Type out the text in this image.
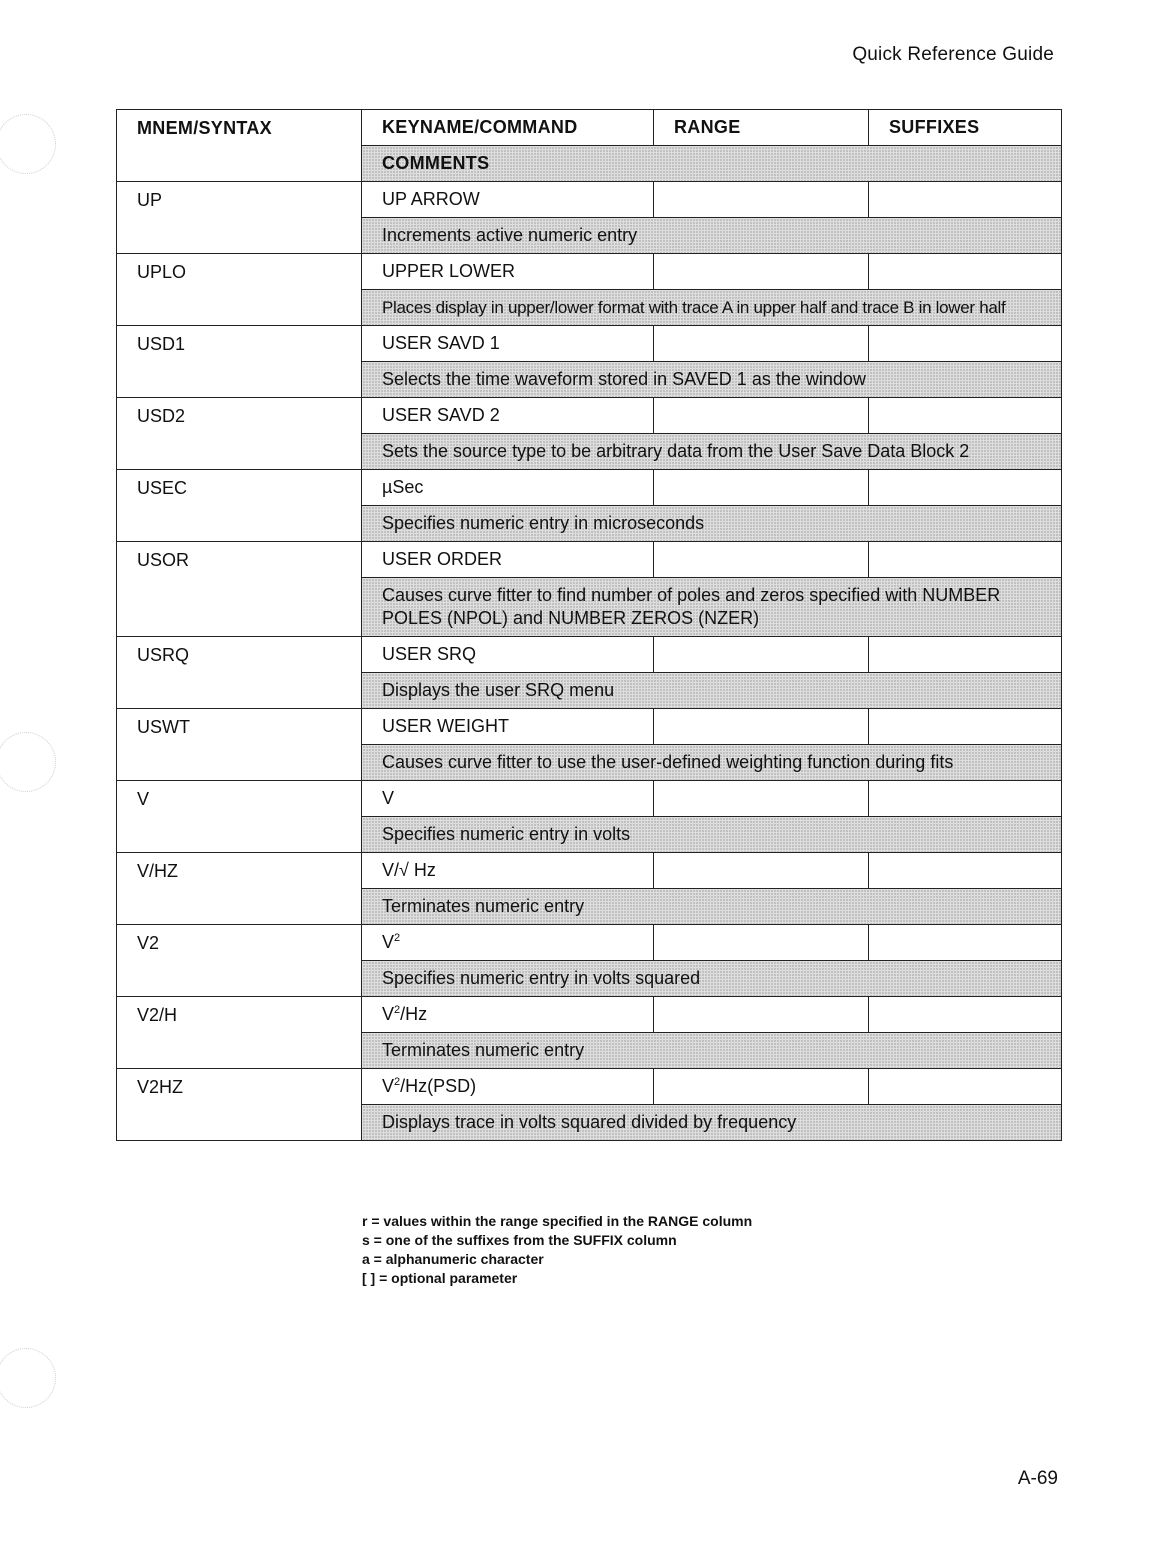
Quick Reference Guide
MNEM/SYNTAX	KEYNAME/COMMAND	RANGE	SUFFIXES
	COMMENTS		
UP	UP ARROW		
	Increments active numeric entry		
UPLO	UPPER LOWER		
	Places display in upper/lower format with trace A in upper half and trace B in lower half		
USD1	USER SAVD 1		
	Selects the time waveform stored in SAVED 1 as the window		
USD2	USER SAVD 2		
	Sets the source type to be arbitrary data from the User Save Data Block 2		
USEC	µSec		
	Specifies numeric entry in microseconds		
USOR	USER ORDER		
	Causes curve fitter to find number of poles and zeros specified with NUMBER POLES (NPOL) and NUMBER ZEROS (NZER)		
USRQ	USER SRQ		
	Displays the user SRQ menu		
USWT	USER WEIGHT		
	Causes curve fitter to use the user-defined weighting function during fits		
V	V		
	Specifies numeric entry in volts		
V/HZ	V/√ Hz		
	Terminates numeric entry		
V2	$V^2$		
	Specifies numeric entry in volts squared		
V2/H	$V^2/Hz$		
	Terminates numeric entry		
V2HZ	$V^2/Hz(PSD)$		
	Displays trace in volts squared divided by frequency		
r = values within the range specified in the RANGE column
s = one of the suffixes from the SUFFIX column
a = alphanumeric character
[ ] = optional parameter
A-69
